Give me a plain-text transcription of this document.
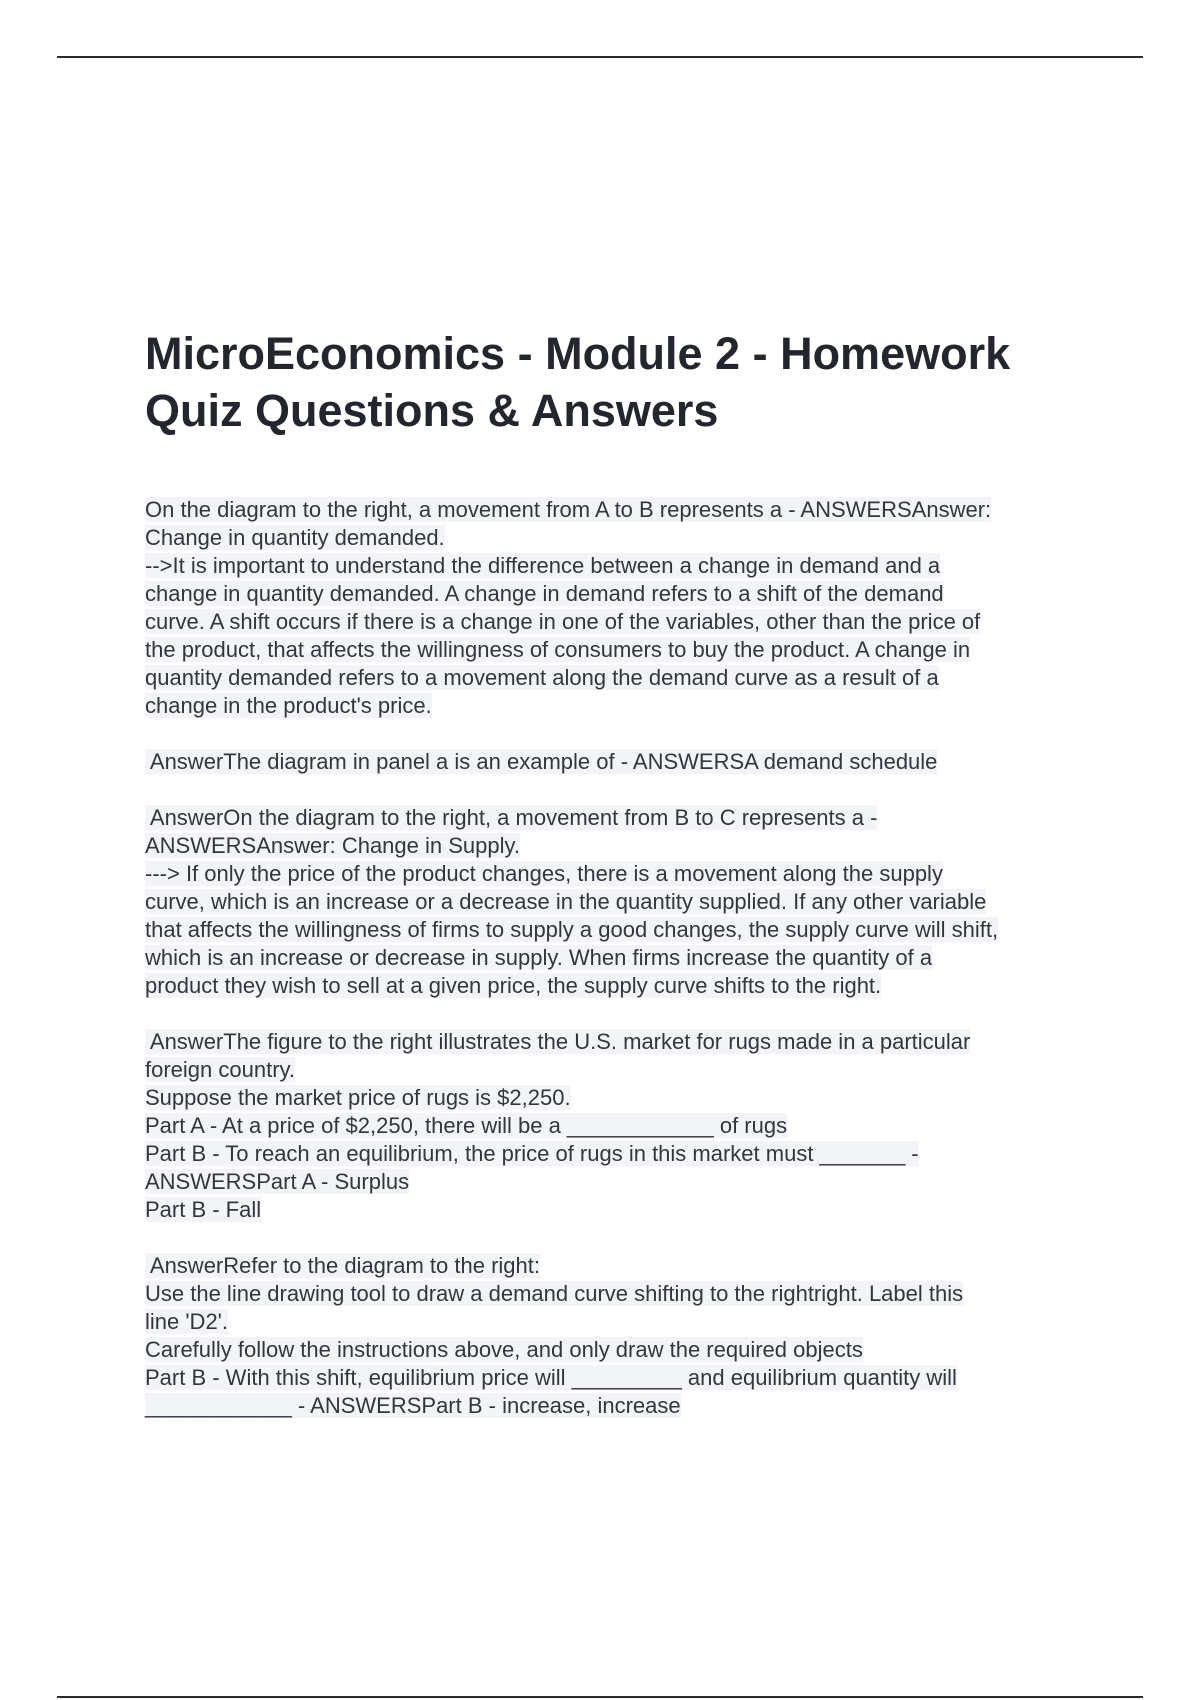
MicroEconomics - Module 2 - Homework
Quiz Questions & Answers
On the diagram to the right, a movement from A to B represents a - ANSWERSAnswer:
Change in quantity demanded.
-->It is important to understand the difference between a change in demand and a
change in quantity demanded. A change in demand refers to a shift of the demand
curve. A shift occurs if there is a change in one of the variables, other than the price of
the product, that affects the willingness of consumers to buy the product. A change in
quantity demanded refers to a movement along the demand curve as a result of a
change in the product's price.
AnswerThe diagram in panel a is an example of - ANSWERSA demand schedule
AnswerOn the diagram to the right, a movement from B to C represents a -
ANSWERSAnswer: Change in Supply.
---> If only the price of the product changes, there is a movement along the supply
curve, which is an increase or a decrease in the quantity supplied. If any other variable
that affects the willingness of firms to supply a good changes, the supply curve will shift,
which is an increase or decrease in supply. When firms increase the quantity of a
product they wish to sell at a given price, the supply curve shifts to the right.
AnswerThe figure to the right illustrates the U.S. market for rugs made in a particular
foreign country.
Suppose the market price of rugs is $2,250.
Part A - At a price of $2,250, there will be a ____________ of rugs
Part B - To reach an equilibrium, the price of rugs in this market must _______ -
ANSWERSPart A - Surplus
Part B - Fall
AnswerRefer to the diagram to the right:
Use the line drawing tool to draw a demand curve shifting to the rightright. Label this
line 'D2'.
Carefully follow the instructions above, and only draw the required objects
Part B - With this shift, equilibrium price will _________ and equilibrium quantity will
____________ - ANSWERSPart B - increase, increase
